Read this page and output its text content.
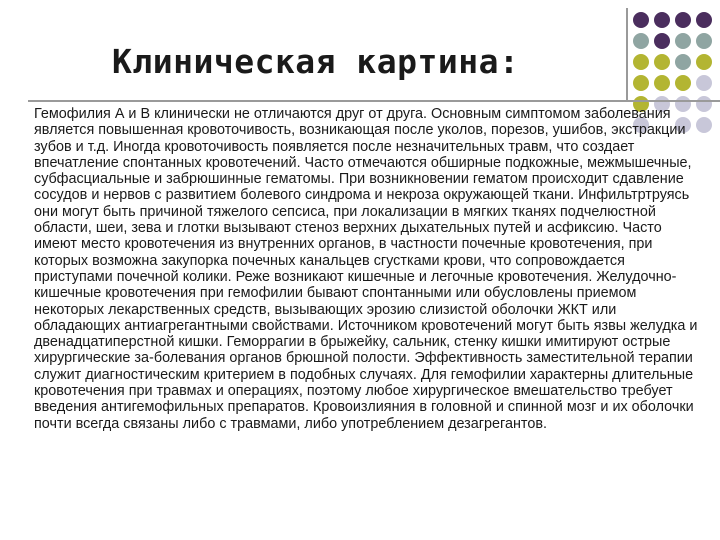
Клиническая картина:

Гемофилия А и В клинически не отличаются друг от друга. Основным симптомом заболевания является повышенная кровоточивость, возникающая после уколов, порезов, ушибов, экстракции зубов и т.д. Иногда кровоточивость появляется после незначительных травм, что создает впечатление спонтанных кровотечений. Часто отмечаются обширные подкожные, межмышечные, субфасциальные и забрюшинные гематомы. При возникновении гематом происходит сдавление сосудов и нервов с развитием болевого синдрома и некроза окружающей ткани. Инфильтртруясь они могут быть причиной тяжелого сепсиса, при локализации в мягких тканях подчелюстной области, шеи, зева и глотки вызывают стеноз верхних дыхательных путей и асфиксию. Часто имеют место кровотечения из внутренних органов, в частности почечные кровотечения, при которых возможна закупорка почечных канальцев сгустками крови, что сопровождается приступами почечной колики. Реже возникают кишечные и легочные кровотечения. Желудочно-кишечные кровотечения при гемофилии бывают спонтанными или обусловлены приемом некоторых лекарственных средств, вызывающих эрозию слизистой оболочки ЖКТ или обладающих антиагрегантными свойствами. Источником кровотечений могут быть язвы желудка и двенадцатиперстной кишки. Геморрагии в брыжейку, сальник, стенку кишки имитируют острые хирургические за-болевания органов брюшной полости. Эффективность заместительной терапии служит диагностическим критерием в подобных случаях. Для гемофилии характерны длительные кровотечения при травмах и операциях, поэтому любое хирургическое вмешательство требует введения антигемофильных препаратов. Кровоизлияния в головной и спинной мозг и их оболочки почти всегда связаны либо с травмами, либо употреблением дезагрегантов.
